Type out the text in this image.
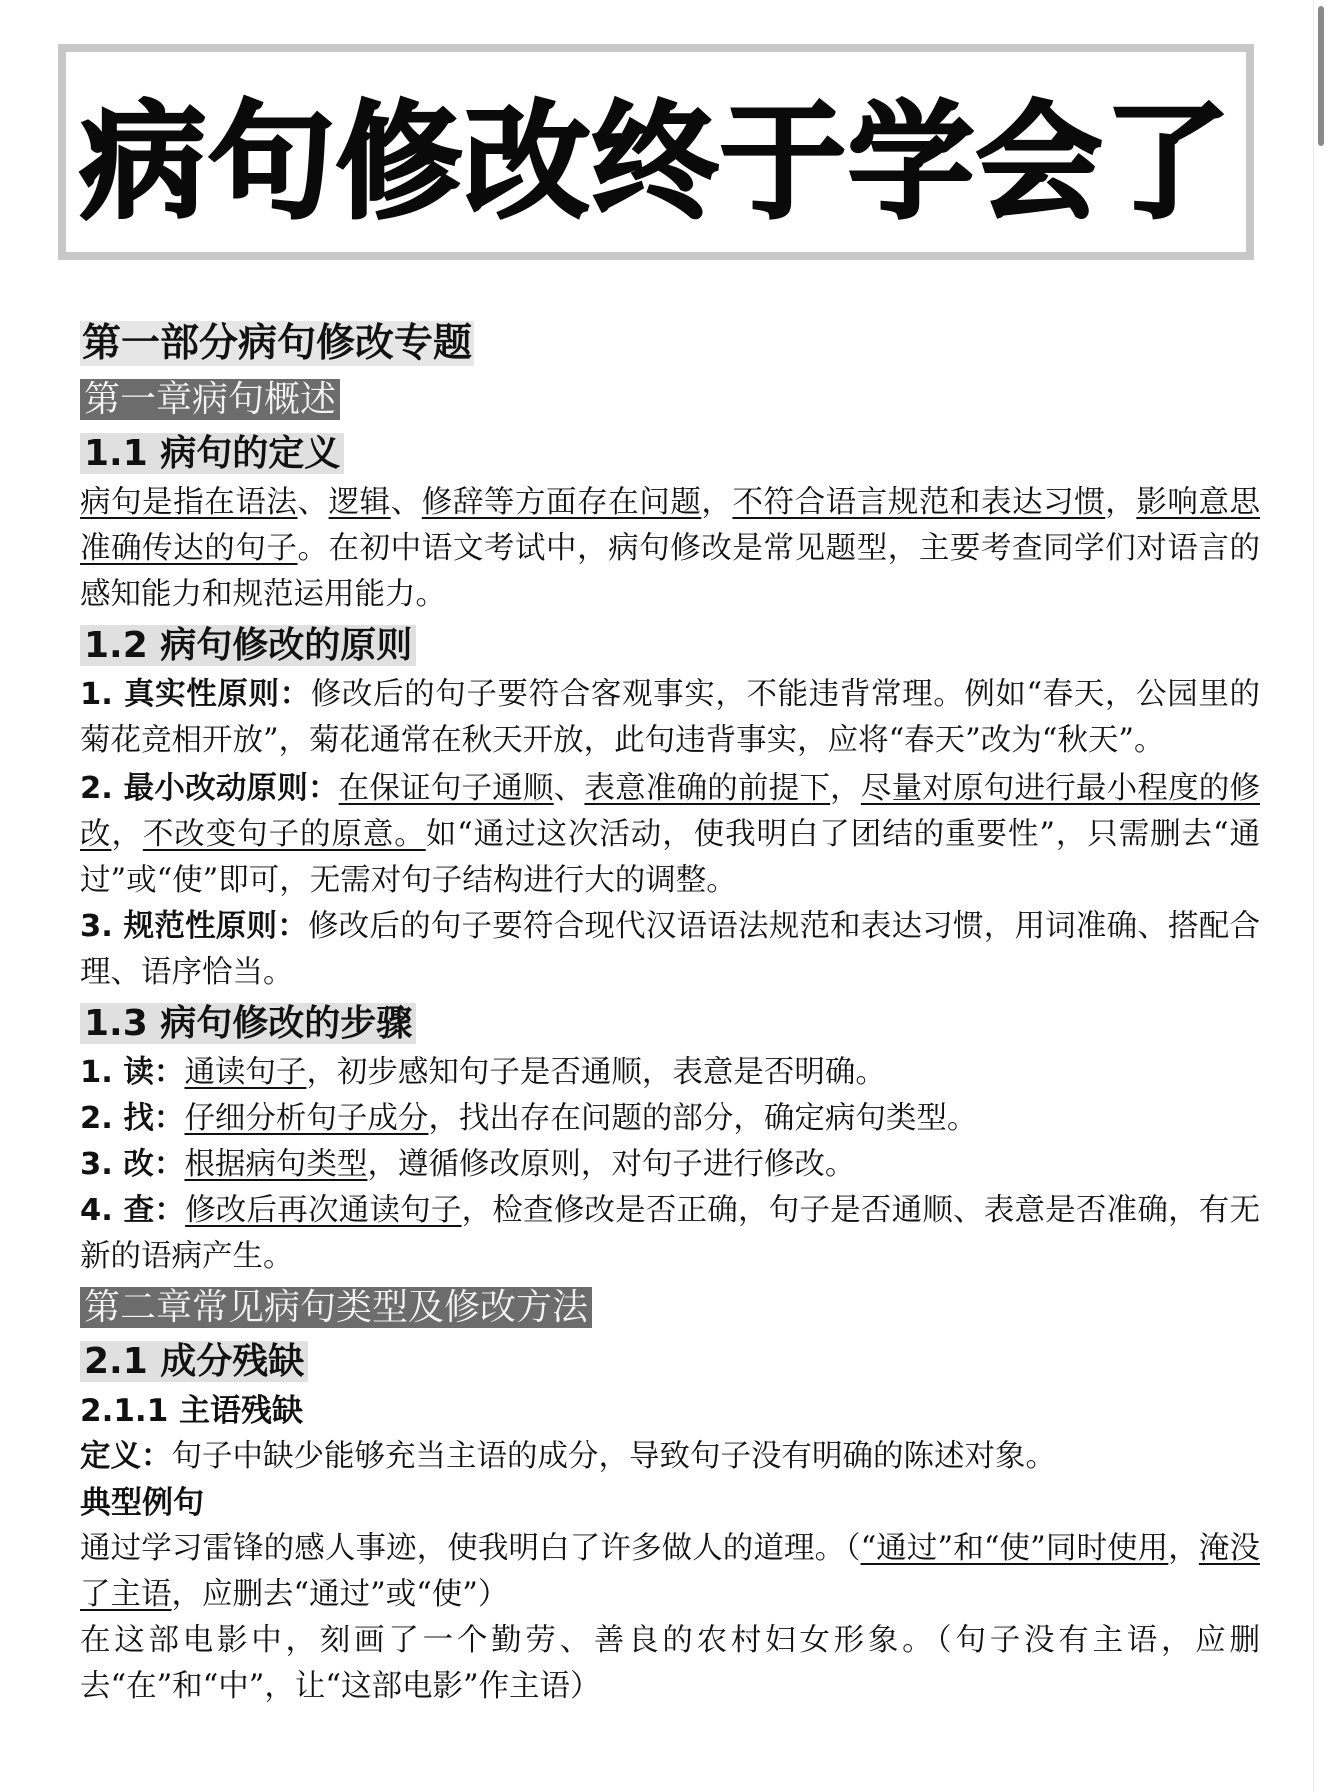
病句修改终于学会了
第一部分病句修改专题
第一章病句概述
1.1 病句的定义

病句是指在语法、逻辑、修辞等方面存在问题，不符合语言规范和表达习惯，影响意思准确传达的句子。在初中语文考试中，病句修改是常见题型，主要考查同学们对语言的感知能力和规范运用能力。

1.2 病句修改的原则

1. 真实性原则：修改后的句子要符合客观事实，不能违背常理。例如“春天，公园里的菊花竞相开放”，菊花通常在秋天开放，此句违背事实，应将“春天”改为“秋天”。

2. 最小改动原则：在保证句子通顺、表意准确的前提下，尽量对原句进行最小程度的修改，不改变句子的原意。如“通过这次活动，使我明白了团结的重要性”，只需删去“通过”或“使”即可，无需对句子结构进行大的调整。

3. 规范性原则：修改后的句子要符合现代汉语语法规范和表达习惯，用词准确、搭配合理、语序恰当。

1.3 病句修改的步骤

1. 读：通读句子，初步感知句子是否通顺，表意是否明确。

2. 找：仔细分析句子成分，找出存在问题的部分，确定病句类型。

3. 改：根据病句类型，遵循修改原则，对句子进行修改。

4. 查：修改后再次通读句子，检查修改是否正确，句子是否通顺、表意是否准确，有无新的语病产生。

第二章常见病句类型及修改方法
2.1 成分残缺
2.1.1 主语残缺

定义：句子中缺少能够充当主语的成分，导致句子没有明确的陈述对象。

典型例句

通过学习雷锋的感人事迹，使我明白了许多做人的道理。（“通过”和“使”同时使用，淹没了主语，应删去“通过”或“使”）

在这部电影中，刻画了一个勤劳、善良的农村妇女形象。（句子没有主语，应删去“在”和“中”，让“这部电影”作主语）
